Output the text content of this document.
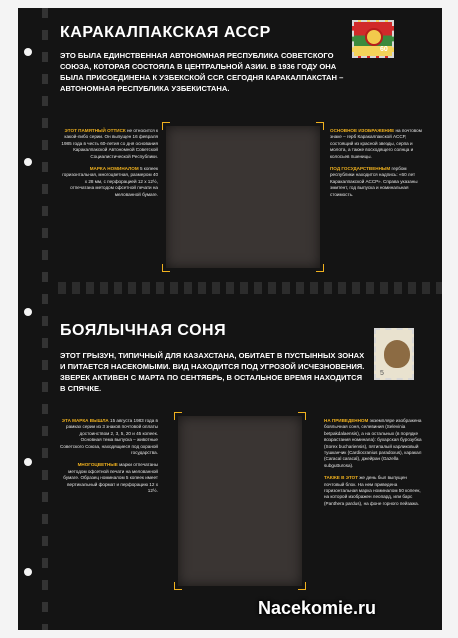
КАРАКАЛПАКСКАЯ АССР
60
ЭТО БЫЛА ЕДИНСТВЕННАЯ АВТОНОМНАЯ РЕСПУБЛИКА СОВЕТСКОГО СОЮЗА, КОТОРАЯ СОСТОЯЛА В ЦЕНТРАЛЬНОЙ АЗИИ. В 1936 ГОДУ ОНА БЫЛА ПРИСОЕДИНЕНА К УЗБЕКСКОЙ ССР. СЕГОДНЯ КАРАКАЛПАКСТАН – АВТОНОМНАЯ РЕСПУБЛИКА УЗБЕКИСТАНА.

ЭТОТ ПАМЯТНЫЙ ОТТИСК не относится к какой-либо серии. Он выпущен 16 февраля 1985 года в честь 60-летия со дня основания Каракалпакской Автономной Советской Социалистической Республики.

МАРКА НОМИНАЛОМ 5 копеек горизонтальная, многоцветная, размером 40 х 28 мм, с перфорацией 12 х 12½, отпечатана методом офсетной печати на мелованной бумаге.

ОСНОВНОЕ ИЗОБРАЖЕНИЕ на почтовом знаке – герб Каракалпакской АССР, состоящий из красной звезды, серпа и молота, а также восходящего солнца и колосьев пшеницы.

ПОД ГОСУДАРСТВЕННЫМ гербом республики находится надпись: «60 лет Каракалпакской АССР». Справа указаны эмитент, год выпуска и номинальная стоимость.

БОЯЛЫЧНАЯ СОНЯ
5
ЭТОТ ГРЫЗУН, ТИПИЧНЫЙ ДЛЯ КАЗАХСТАНА, ОБИТАЕТ В ПУСТЫННЫХ ЗОНАХ И ПИТАЕТСЯ НАСЕКОМЫМИ. ВИД НАХОДИТСЯ ПОД УГРОЗОЙ ИСЧЕЗНОВЕНИЯ. ЗВЕРЕК АКТИВЕН С МАРТА ПО СЕНТЯБРЬ, В ОСТАЛЬНОЕ ВРЕМЯ НАХОДИТСЯ В СПЯЧКЕ.

ЭТА МАРКА ВЫШЛА 15 августа 1983 года в рамках серии из 3 знаков почтовой оплаты достоинством 2, 3, 5, 20 и 45 копеек. Основная тема выпуска – животные Советского Союза, находящиеся под охраной государства.

МНОГОЦВЕТНЫЕ марки отпечатаны методом офсетной печати на мелованной бумаге. Образец номиналом 5 копеек имеет вертикальный формат и перфорацию 12 х 12½.

НА ПРИВЕДЕННОМ экземпляре изображена боялычная соня, селевиния (Selevinia betpakdalaensis), а на остальных (в порядке возрастания номинала): бухарская бурозубка (Sorex buchariensis), пятипалый карликовый тушканчик (Cardiocranius paradoxus), каракал (Caracal caracal), джейран (Gazella subgutturosa).

ТАКЖЕ В ЭТОТ же день был выпущен почтовый блок. На нем приведена горизонтальная марка номиналом 50 копеек, на которой изображен леопард, или барс (Panthera pardus), на фоне горного пейзажа.

Nacekomie.ru
